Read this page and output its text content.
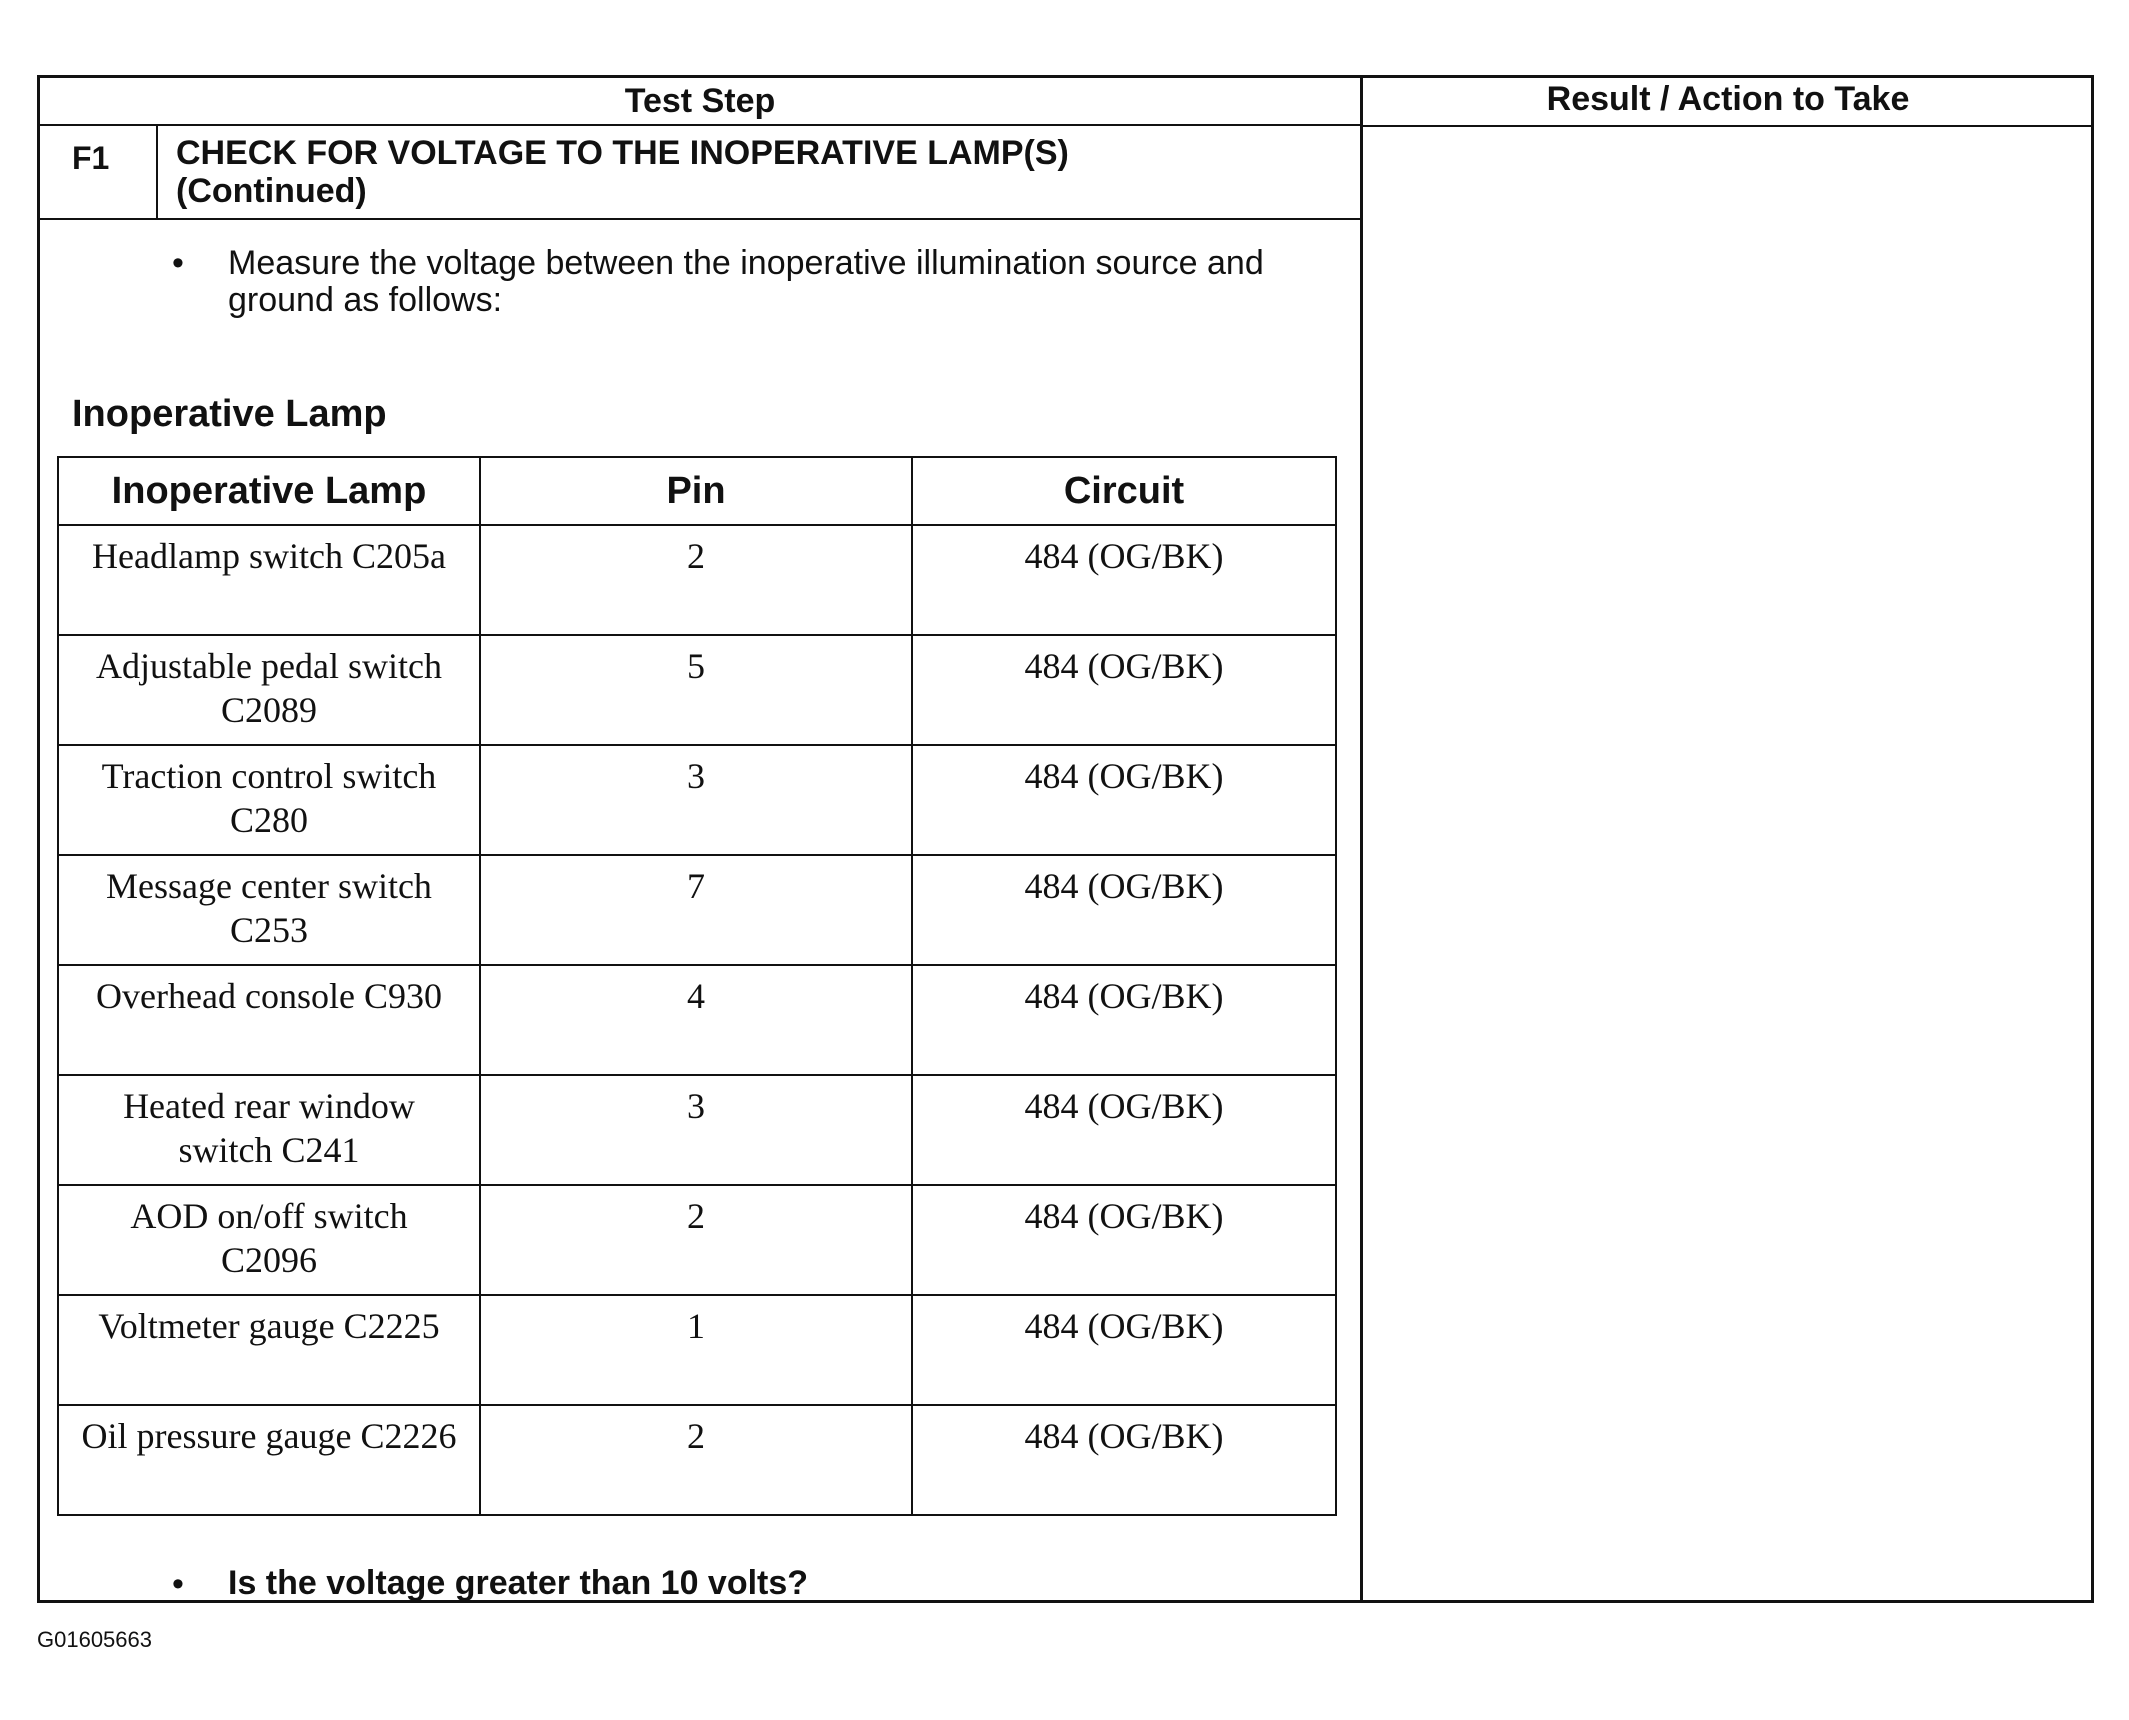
Test Step	Result / Action to Take
F1 CHECK FOR VOLTAGE TO THE INOPERATIVE LAMP(S)
(Continued)
• Measure the voltage between the inoperative illumination source and ground as follows:
Inoperative Lamp
Inoperative Lamp	Pin	Circuit
Headlamp switch C205a	2	484 (OG/BK)
Adjustable pedal switch C2089	5	484 (OG/BK)
Traction control switch C280	3	484 (OG/BK)
Message center switch C253	7	484 (OG/BK)
Overhead console C930	4	484 (OG/BK)
Heated rear window switch C241	3	484 (OG/BK)
AOD on/off switch C2096	2	484 (OG/BK)
Voltmeter gauge C2225	1	484 (OG/BK)
Oil pressure gauge C2226	2	484 (OG/BK)
• Is the voltage greater than 10 volts?
G01605663
